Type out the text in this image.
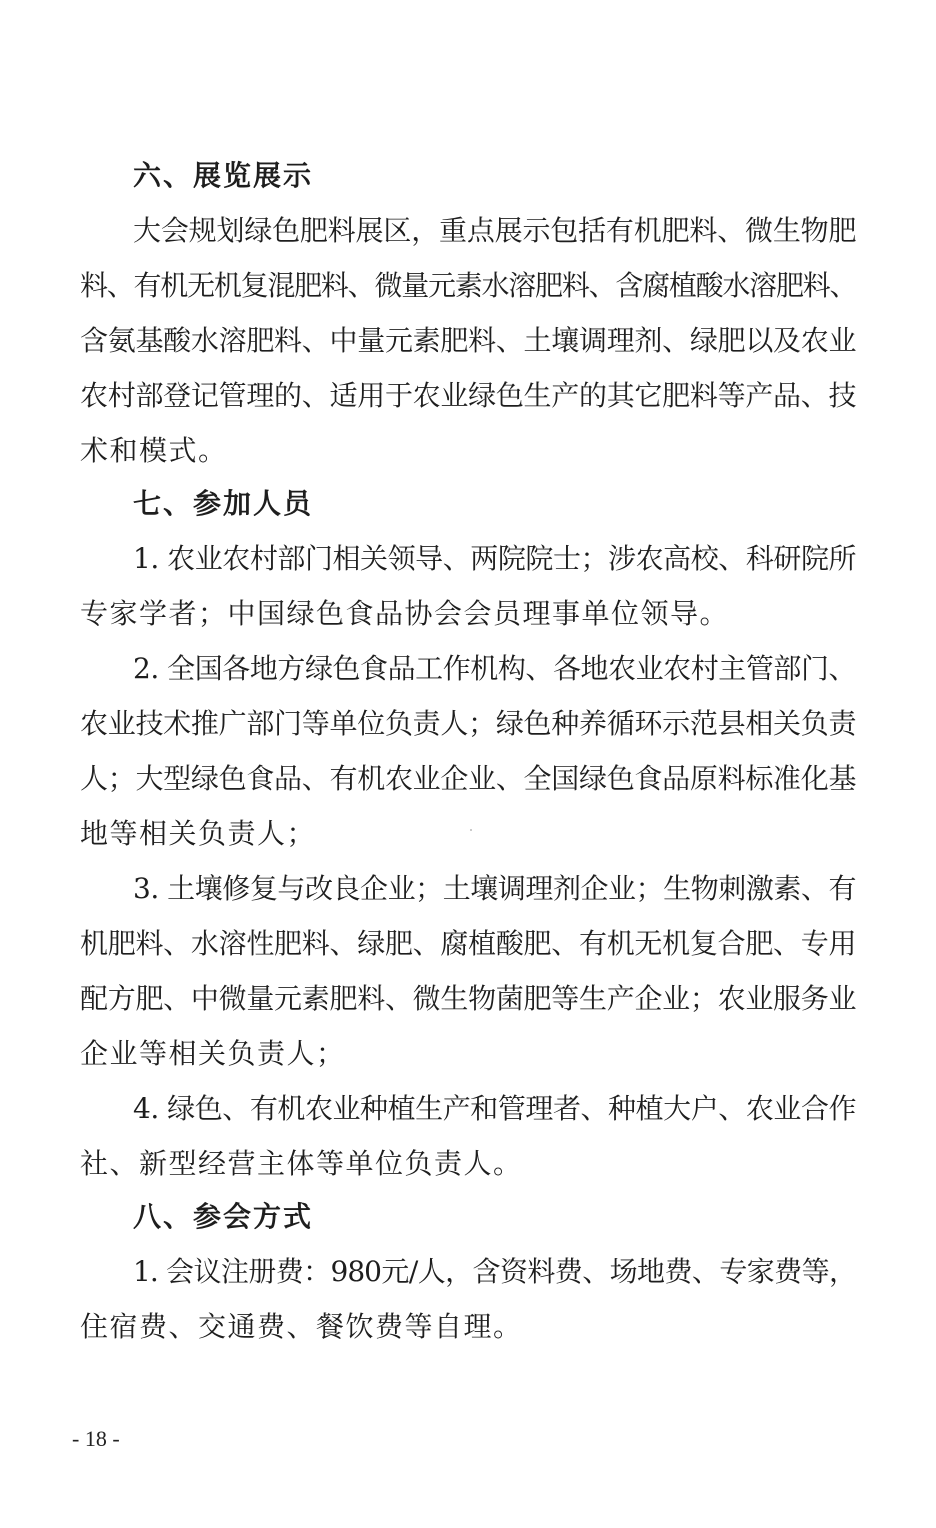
六、展览展示

大会规划绿色肥料展区，重点展示包括有机肥料、微生物肥

料、有机无机复混肥料、微量元素水溶肥料、含腐植酸水溶肥料、

含氨基酸水溶肥料、中量元素肥料、土壤调理剂、绿肥以及农业

农村部登记管理的、适用于农业绿色生产的其它肥料等产品、技

术和模式。

七、参加人员

1. 农业农村部门相关领导、两院院士；涉农高校、科研院所

专家学者；中国绿色食品协会会员理事单位领导。

2. 全国各地方绿色食品工作机构、各地农业农村主管部门、

农业技术推广部门等单位负责人；绿色种养循环示范县相关负责

人；大型绿色食品、有机农业企业、全国绿色食品原料标准化基

地等相关负责人；

3. 土壤修复与改良企业；土壤调理剂企业；生物刺激素、有

机肥料、水溶性肥料、绿肥、腐植酸肥、有机无机复合肥、专用

配方肥、中微量元素肥料、微生物菌肥等生产企业；农业服务业

企业等相关负责人；

4. 绿色、有机农业种植生产和管理者、种植大户、农业合作

社、新型经营主体等单位负责人。

八、参会方式

1. 会议注册费：980元/人，含资料费、场地费、专家费等，

住宿费、交通费、餐饮费等自理。

- 18 -
